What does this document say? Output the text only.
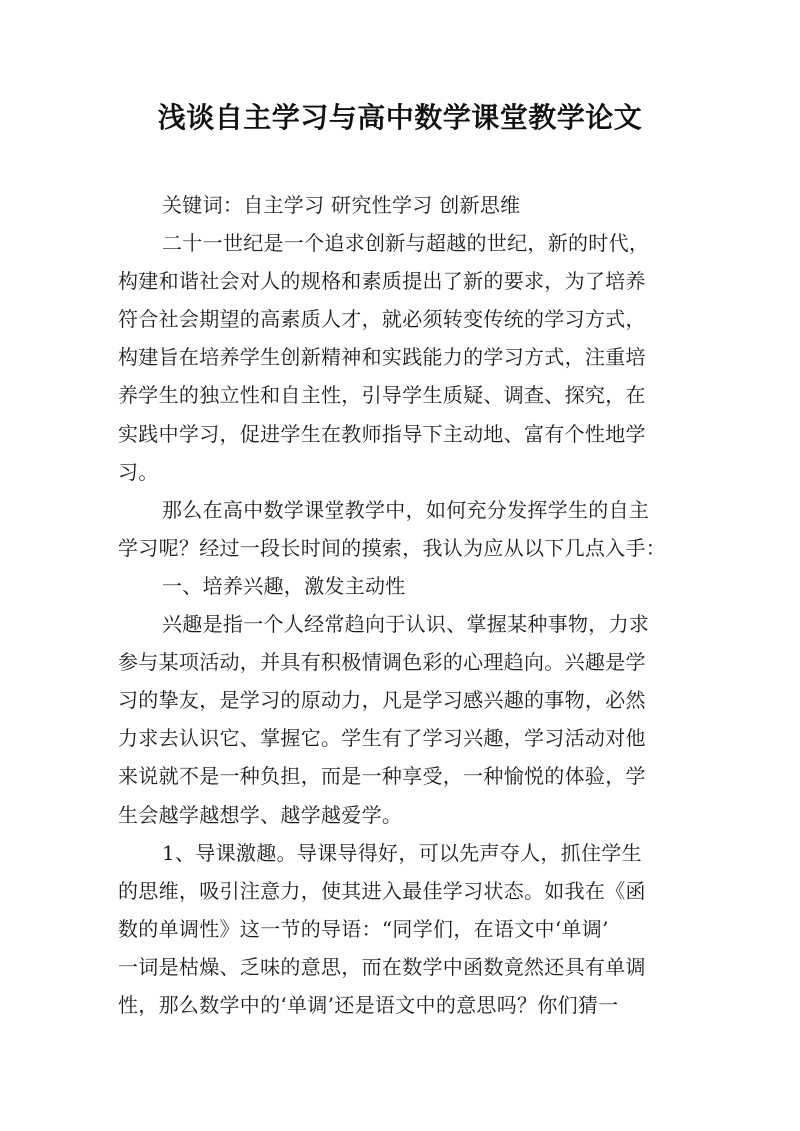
浅谈自主学习与高中数学课堂教学论文
关键词：自主学习 研究性学习 创新思维
二十一世纪是一个追求创新与超越的世纪，新的时代，
构建和谐社会对人的规格和素质提出了新的要求，为了培养
符合社会期望的高素质人才，就必须转变传统的学习方式，
构建旨在培养学生创新精神和实践能力的学习方式，注重培
养学生的独立性和自主性，引导学生质疑、调查、探究，在
实践中学习，促进学生在教师指导下主动地、富有个性地学
习。
那么在高中数学课堂教学中，如何充分发挥学生的自主
学习呢？经过一段长时间的摸索，我认为应从以下几点入手：
一、培养兴趣，激发主动性
兴趣是指一个人经常趋向于认识、掌握某种事物，力求
参与某项活动，并具有积极情调色彩的心理趋向。兴趣是学
习的挚友，是学习的原动力，凡是学习感兴趣的事物，必然
力求去认识它、掌握它。学生有了学习兴趣，学习活动对他
来说就不是一种负担，而是一种享受，一种愉悦的体验，学
生会越学越想学、越学越爱学。
1、导课激趣。导课导得好，可以先声夺人，抓住学生
的思维，吸引注意力，使其进入最佳学习状态。如我在《函
数的单调性》这一节的导语：“同学们，在语文中‘单调’
一词是枯燥、乏味的意思，而在数学中函数竟然还具有单调
性，那么数学中的‘单调’还是语文中的意思吗？你们猜一
